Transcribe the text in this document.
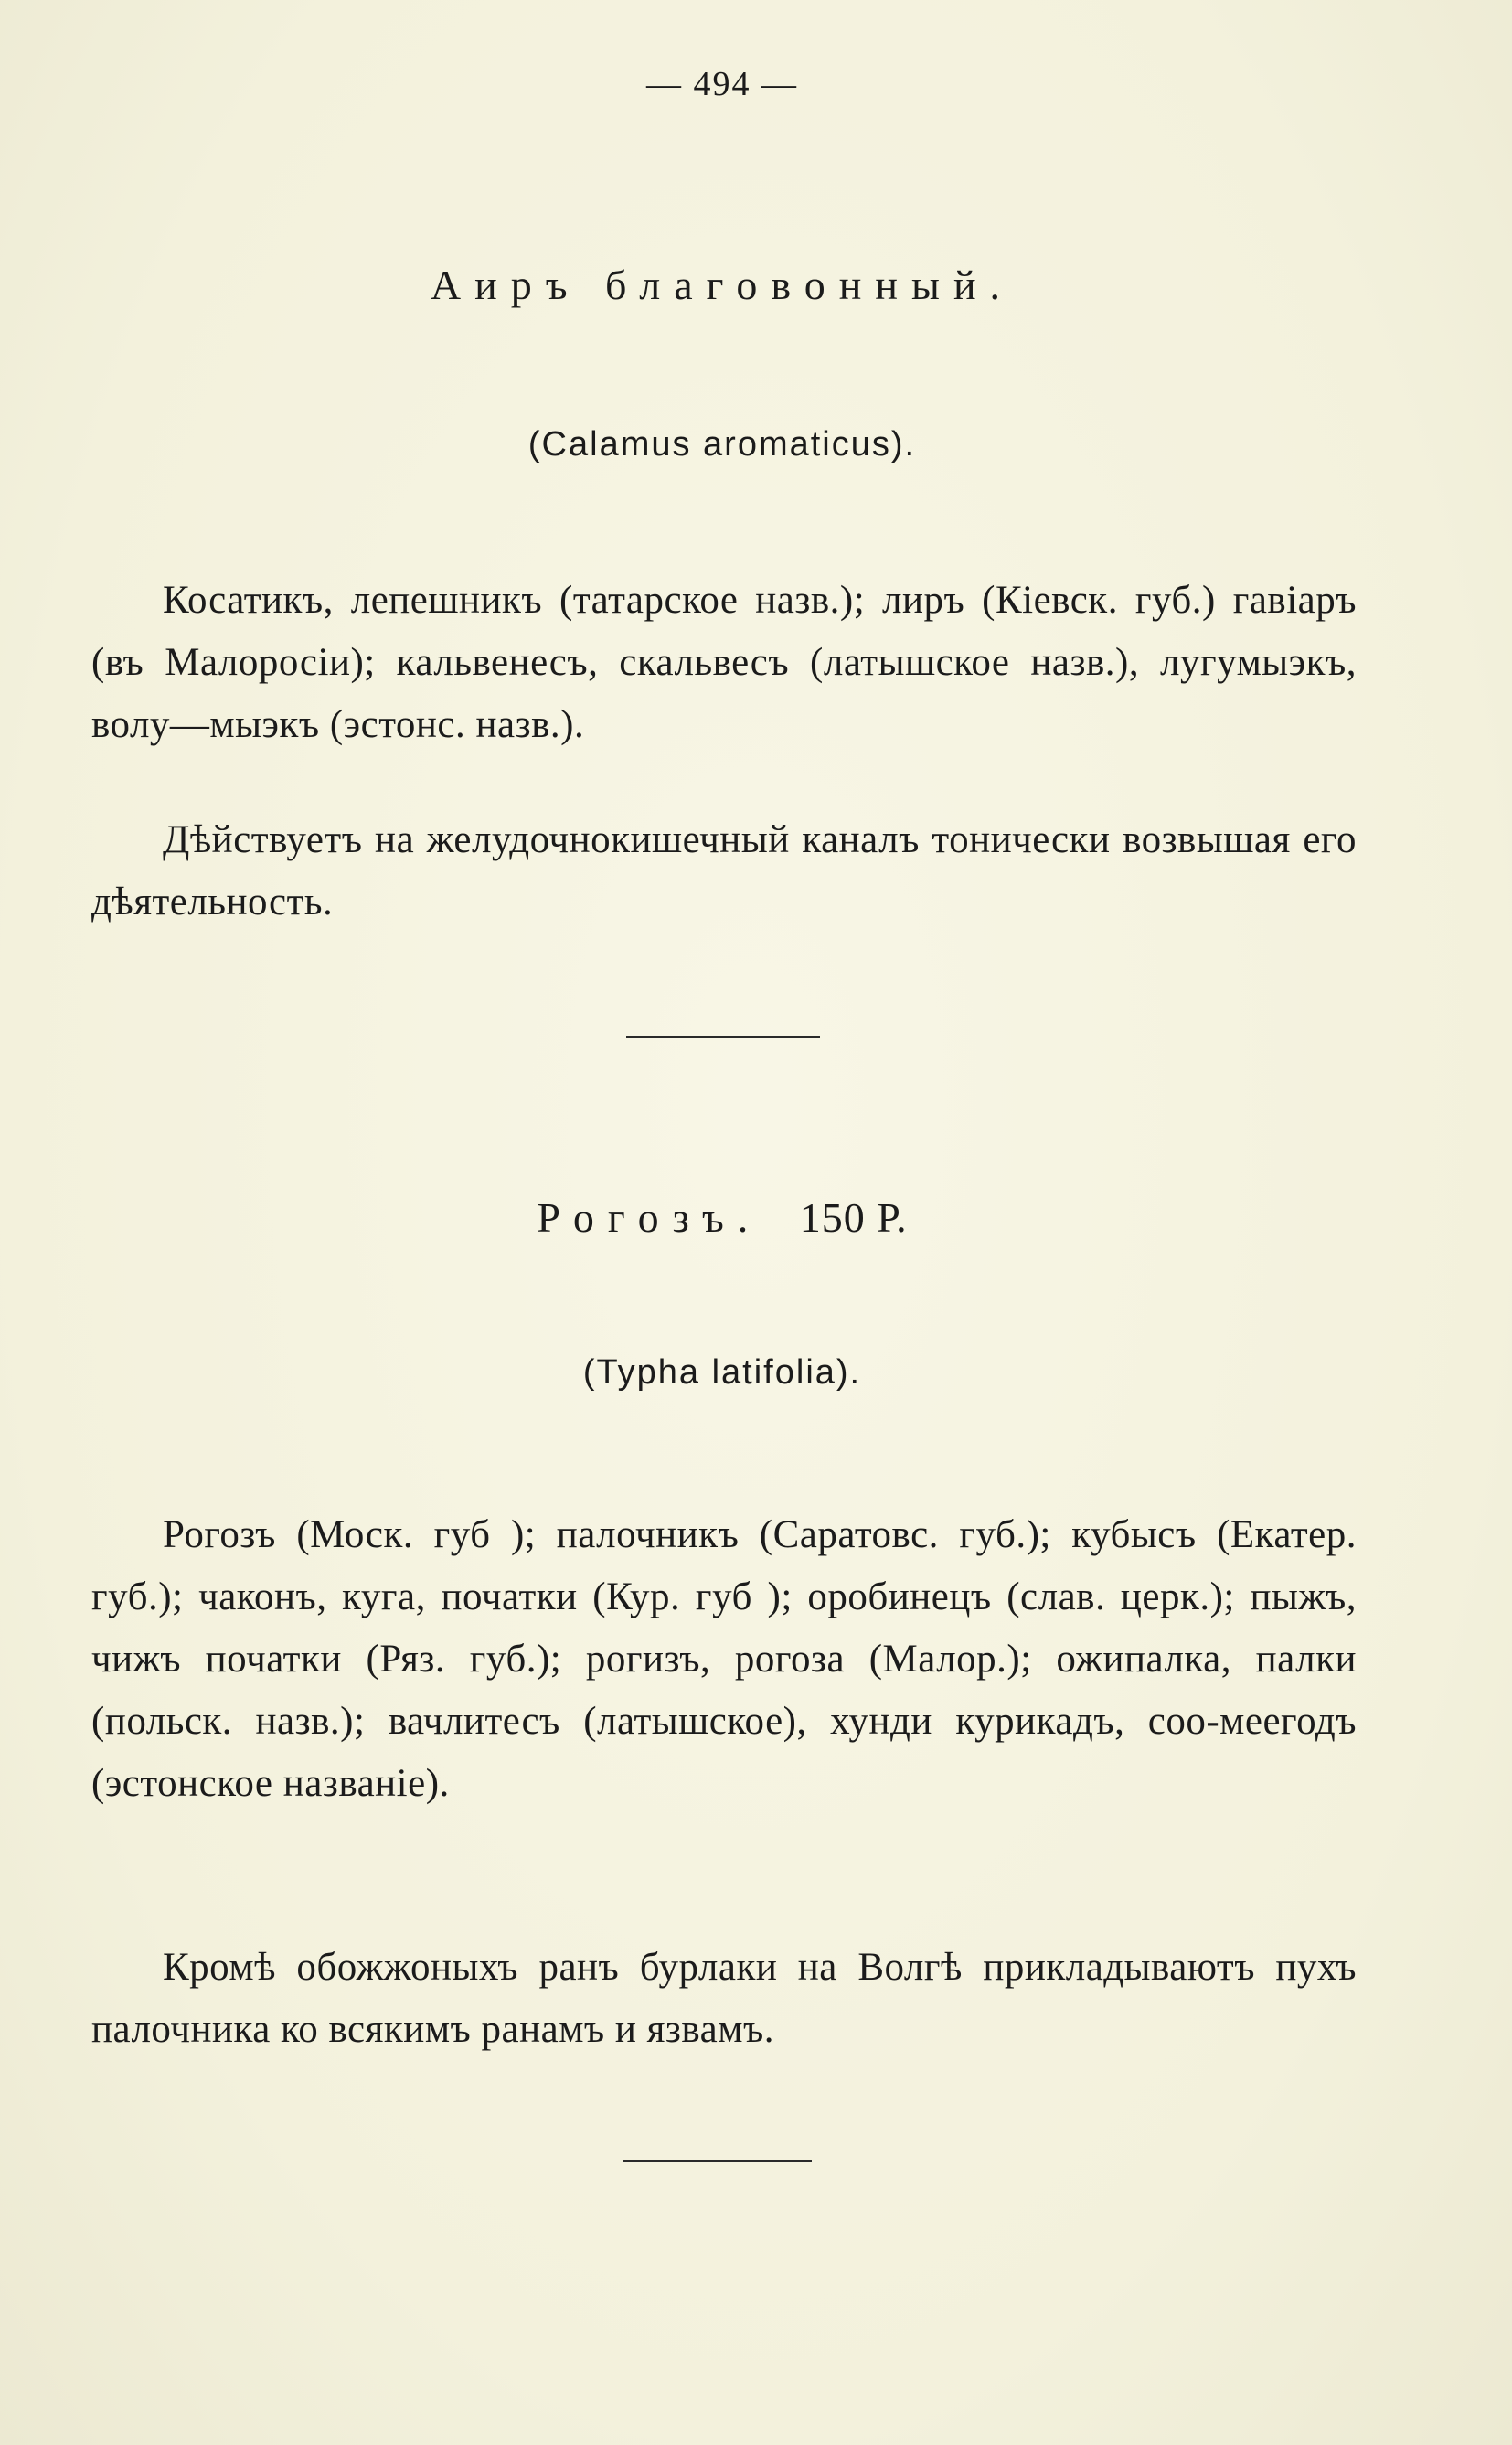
— 494 —
Аиръ благовонный.
(Calamus aromaticus).

Косатикъ, лепешникъ (татарское назв.); лиръ (Кіевск. губ.) гавіаръ (въ Малоросіи); кальвенесъ, скальвесъ (латышское назв.), лугумыэкъ, волу—мыэкъ (эстонс. назв.).

Дѣйствуетъ на желудочнокишечный каналъ тонически возвышая его дѣятельность.

Рогозъ. 150 Р.
(Typha latifolia).

Рогозъ (Моск. губ ); палочникъ (Саратовс. губ.); кубысъ (Екатер. губ.); чаконъ, куга, початки (Кур. губ ); оробинецъ (слав. церк.); пыжъ, чижъ початки (Ряз. губ.); рогизъ, рогоза (Малор.); ожипалка, палки (польск. назв.); вачлитесъ (латышское), хунди курикадъ, соо-меегодъ (эстонское названіе).

Кромѣ обожжоныхъ ранъ бурлаки на Волгѣ прикладываютъ пухъ палочника ко всякимъ ранамъ и язвамъ.
